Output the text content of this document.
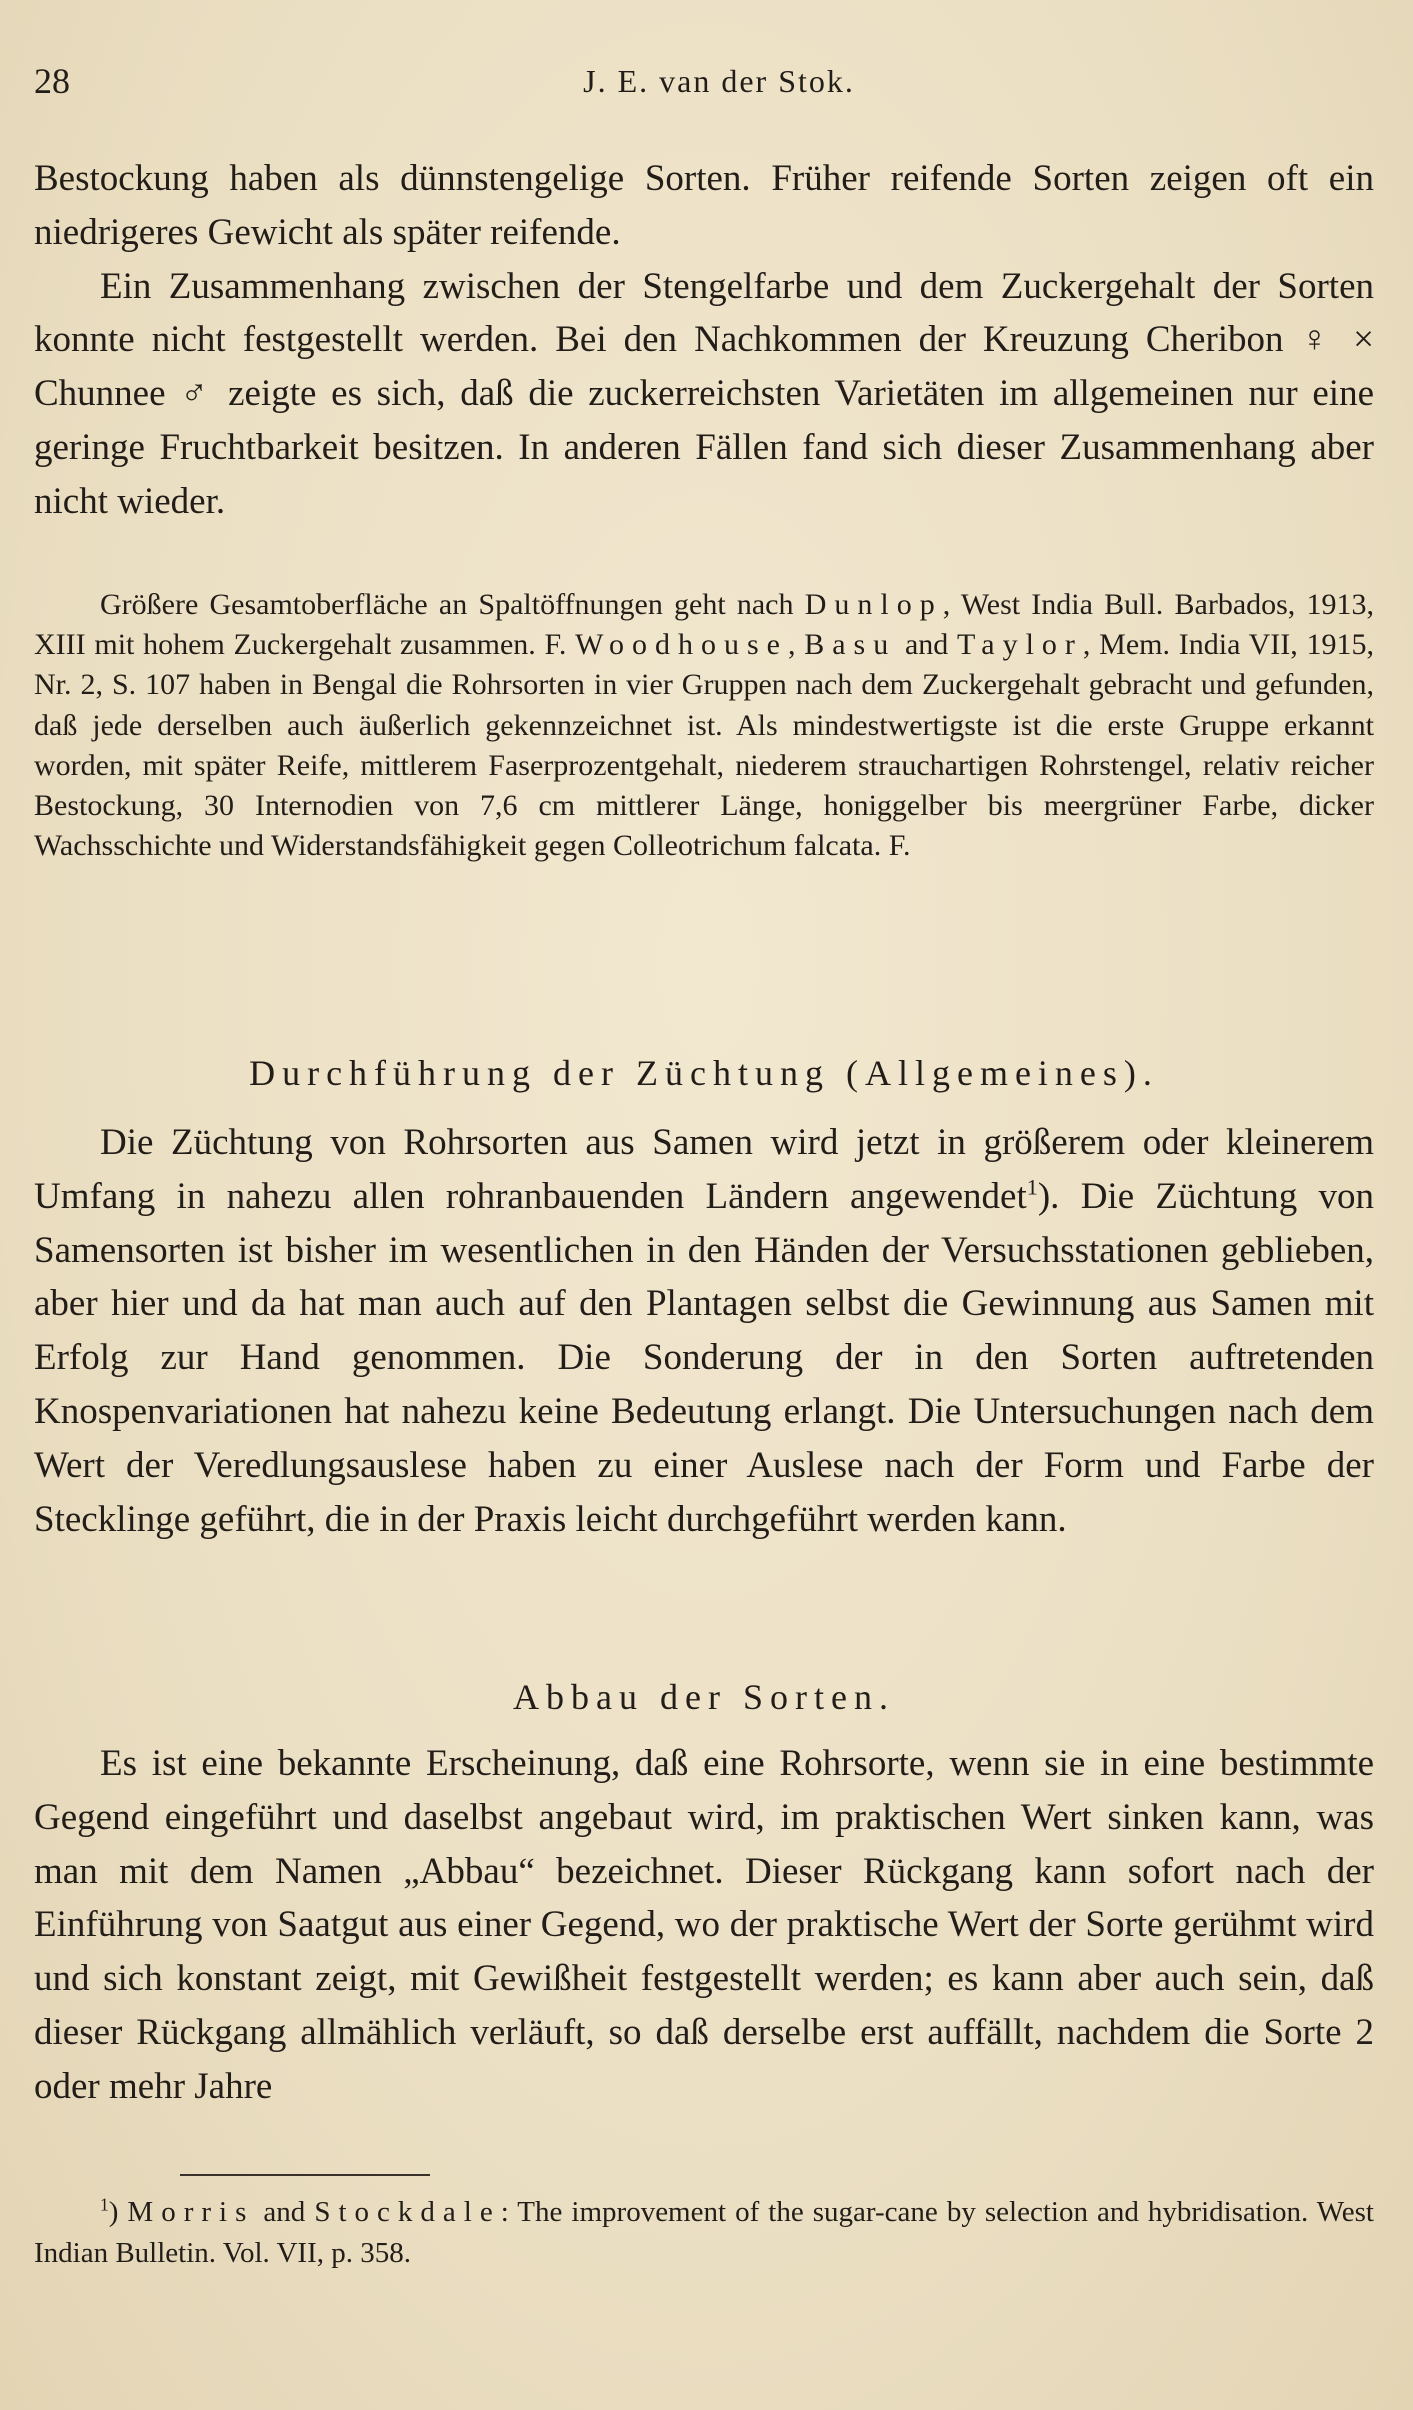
28	J. E. van der Stok.

Bestockung haben als dünnstengelige Sorten. Früher reifende Sorten zeigen oft ein niedrigeres Gewicht als später reifende.

Ein Zusammenhang zwischen der Stengelfarbe und dem Zuckergehalt der Sorten konnte nicht festgestellt werden. Bei den Nachkommen der Kreuzung Cheribon ♀ × Chunnee ♂ zeigte es sich, daß die zuckerreichsten Varietäten im allgemeinen nur eine geringe Fruchtbarkeit besitzen. In anderen Fällen fand sich dieser Zusammenhang aber nicht wieder.

Größere Gesamtoberfläche an Spaltöffnungen geht nach Dunlop, West India Bull. Barbados, 1913, XIII mit hohem Zuckergehalt zusammen. F. Woodhouse, Basu and Taylor, Mem. India VII, 1915, Nr. 2, S. 107 haben in Bengal die Rohrsorten in vier Gruppen nach dem Zuckergehalt gebracht und gefunden, daß jede derselben auch äußerlich gekennzeichnet ist. Als mindestwertigste ist die erste Gruppe erkannt worden, mit später Reife, mittlerem Faserprozentgehalt, niederem strauchartigen Rohrstengel, relativ reicher Bestockung, 30 Internodien von 7,6 cm mittlerer Länge, honiggelber bis meergrüner Farbe, dicker Wachsschichte und Widerstandsfähigkeit gegen Colleotrichum falcata. F.

Durchführung der Züchtung (Allgemeines).

Die Züchtung von Rohrsorten aus Samen wird jetzt in größerem oder kleinerem Umfang in nahezu allen rohranbauenden Ländern angewendet$^1$). Die Züchtung von Samensorten ist bisher im wesentlichen in den Händen der Versuchsstationen geblieben, aber hier und da hat man auch auf den Plantagen selbst die Gewinnung aus Samen mit Erfolg zur Hand genommen. Die Sonderung der in den Sorten auftretenden Knospenvariationen hat nahezu keine Bedeutung erlangt. Die Untersuchungen nach dem Wert der Veredlungsauslese haben zu einer Auslese nach der Form und Farbe der Stecklinge geführt, die in der Praxis leicht durchgeführt werden kann.

Abbau der Sorten.

Es ist eine bekannte Erscheinung, daß eine Rohrsorte, wenn sie in eine bestimmte Gegend eingeführt und daselbst angebaut wird, im praktischen Wert sinken kann, was man mit dem Namen „Abbau“ bezeichnet. Dieser Rückgang kann sofort nach der Einführung von Saatgut aus einer Gegend, wo der praktische Wert der Sorte gerühmt wird und sich konstant zeigt, mit Gewißheit festgestellt werden; es kann aber auch sein, daß dieser Rückgang allmählich verläuft, so daß derselbe erst auffällt, nachdem die Sorte 2 oder mehr Jahre

$^1$) Morris and Stockdale: The improvement of the sugar-cane by selection and hybridisation. West Indian Bulletin. Vol. VII, p. 358.
